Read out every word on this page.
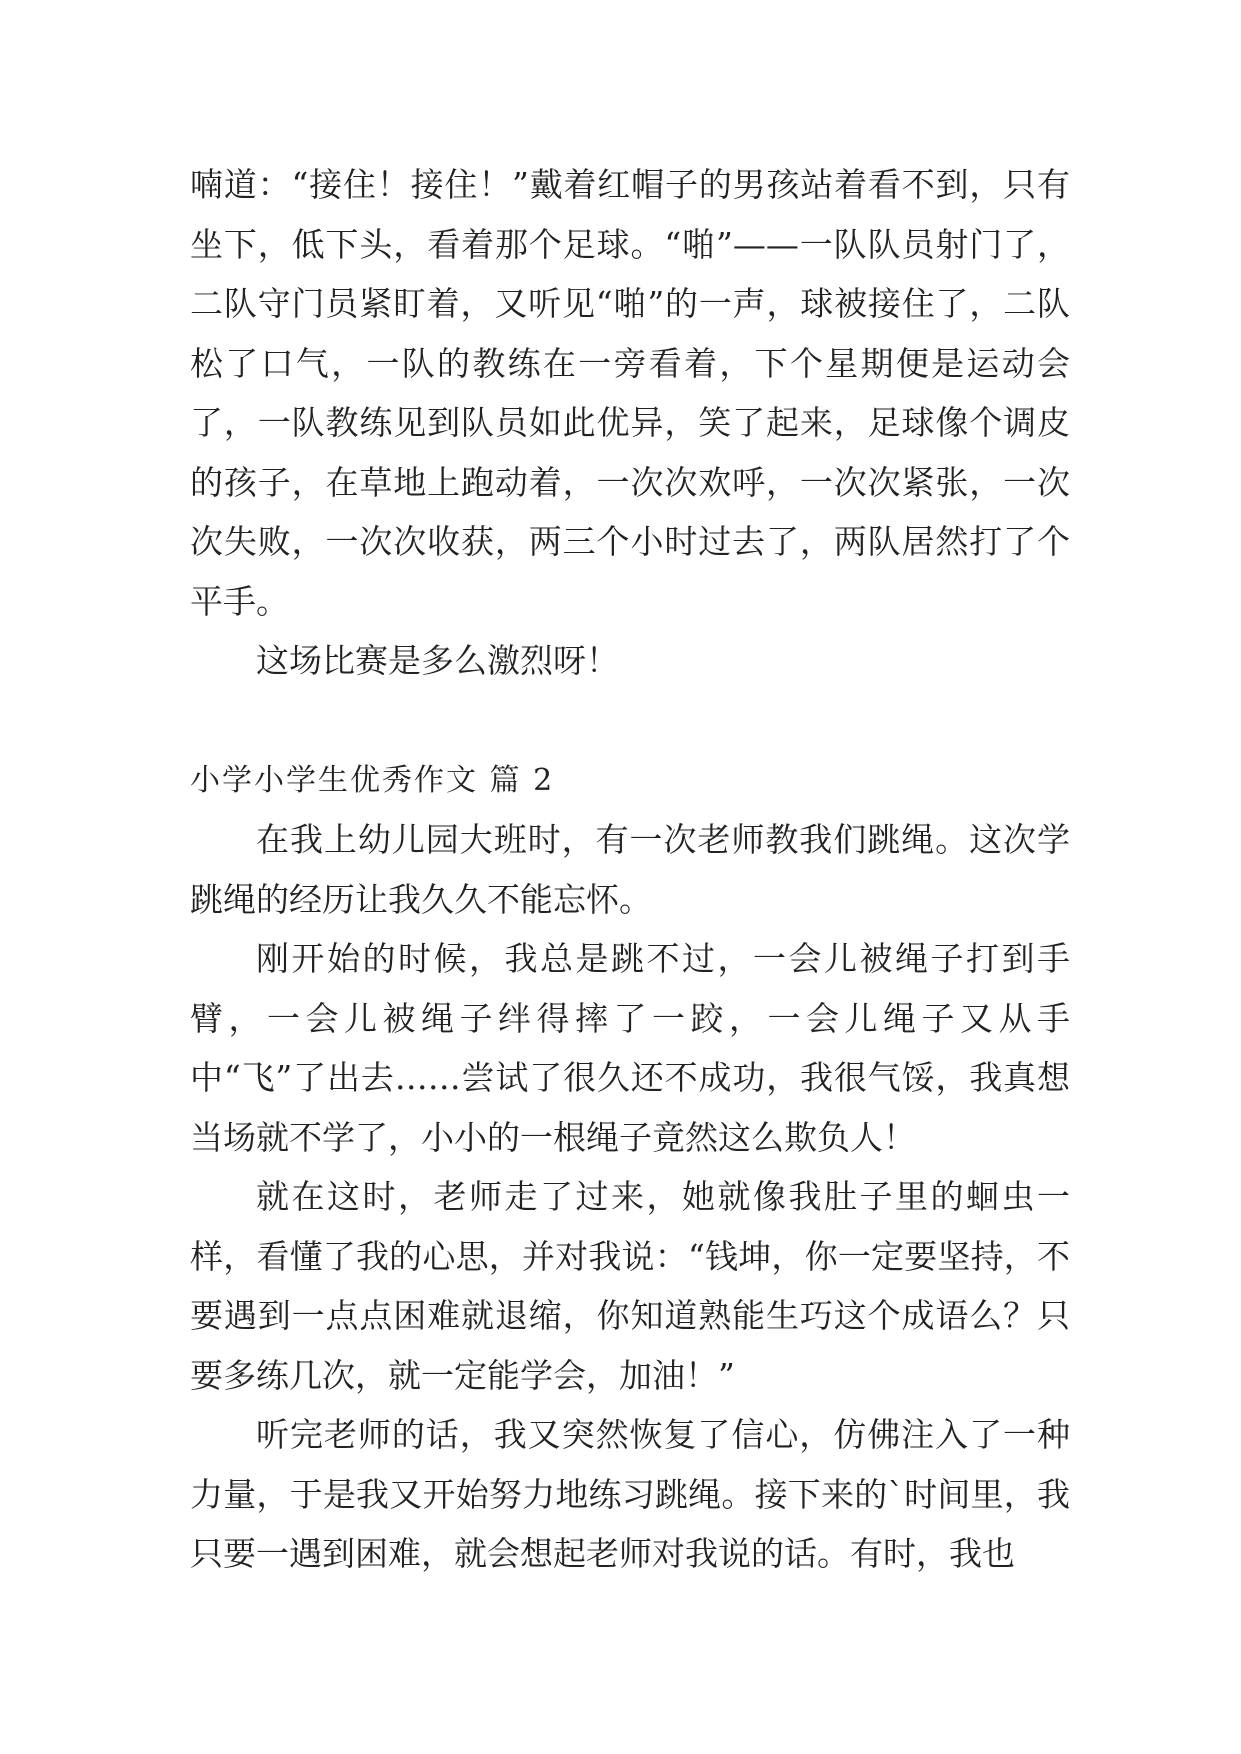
喃道：“接住！接住！”戴着红帽子的男孩站着看不到，只有坐下，低下头，看着那个足球。“啪”——一队队员射门了，二队守门员紧盯着，又听见“啪”的一声，球被接住了，二队松了口气，一队的教练在一旁看着，下个星期便是运动会了，一队教练见到队员如此优异，笑了起来，足球像个调皮的孩子，在草地上跑动着，一次次欢呼，一次次紧张，一次次失败，一次次收获，两三个小时过去了，两队居然打了个平手。

这场比赛是多么激烈呀！

小学小学生优秀作文 篇 2

在我上幼儿园大班时，有一次老师教我们跳绳。这次学跳绳的经历让我久久不能忘怀。

刚开始的时候，我总是跳不过，一会儿被绳子打到手臂，一会儿被绳子绊得摔了一跤，一会儿绳子又从手中“飞”了出去……尝试了很久还不成功，我很气馁，我真想当场就不学了，小小的一根绳子竟然这么欺负人！

就在这时，老师走了过来，她就像我肚子里的蛔虫一样，看懂了我的心思，并对我说：“钱坤，你一定要坚持，不要遇到一点点困难就退缩，你知道熟能生巧这个成语么？只要多练几次，就一定能学会，加油！”

听完老师的话，我又突然恢复了信心，仿佛注入了一种力量，于是我又开始努力地练习跳绳。接下来的`时间里，我只要一遇到困难，就会想起老师对我说的话。有时，我也
